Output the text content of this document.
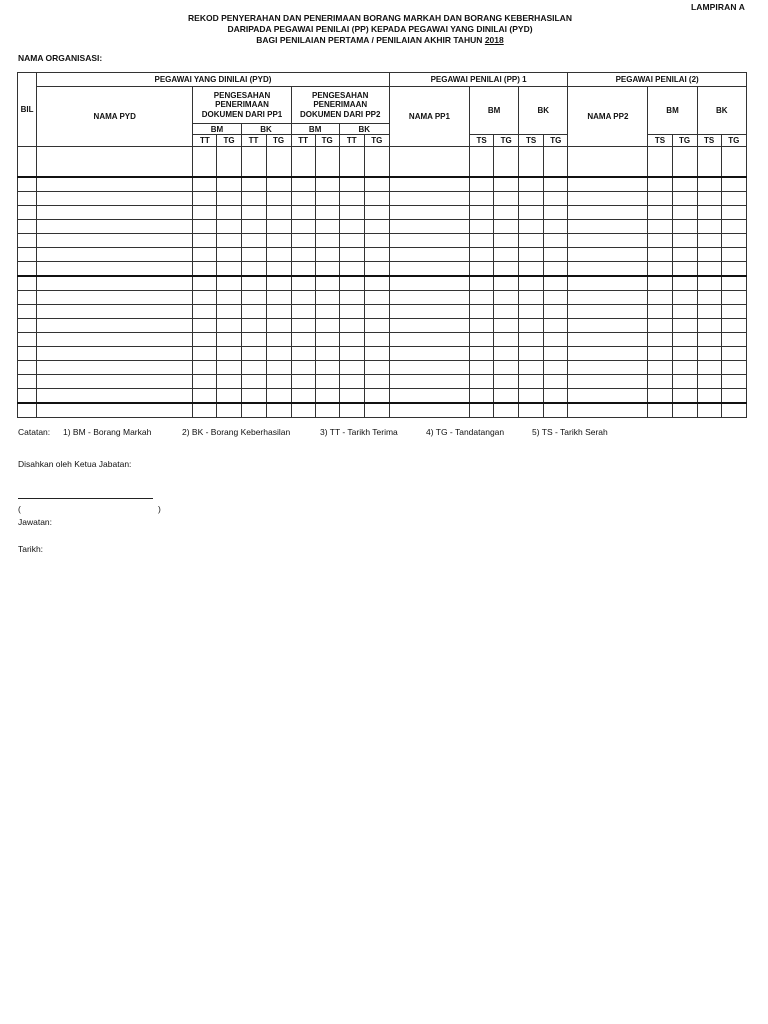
LAMPIRAN A
REKOD PENYERAHAN DAN PENERIMAAN BORANG MARKAH DAN BORANG KEBERHASILAN
DARIPADA PEGAWAI PENILAI (PP) KEPADA PEGAWAI YANG DINILAI (PYD)
BAGI PENILAIAN PERTAMA / PENILAIAN AKHIR TAHUN 2018
NAMA ORGANISASI:
BIL	PEGAWAI YANG DINILAI (PYD)									PEGAWAI PENILAI (PP) 1					PEGAWAI PENILAI (2)				
	NAMA PYD	PENGESAHAN PENERIMAAN DOKUMEN DARI PP1				PENGESAHAN PENERIMAAN DOKUMEN DARI PP2				NAMA PP1	BM		BK		NAMA PP2	BM		BK	
		BM		BK		BM		BK											
		TT	TG	TT	TG	TT	TG	TT	TG		TS	TG	TS	TG		TS	TG	TS	TG

Catatan: 1) BM - Borang Markah	2) BK - Borang Keberhasilan	3) TT - Tarikh Terima	4) TG - Tandatangan	5) TS - Tarikh Serah
Disahkan oleh Ketua Jabatan:
(	)
Jawatan:
Tarikh:
